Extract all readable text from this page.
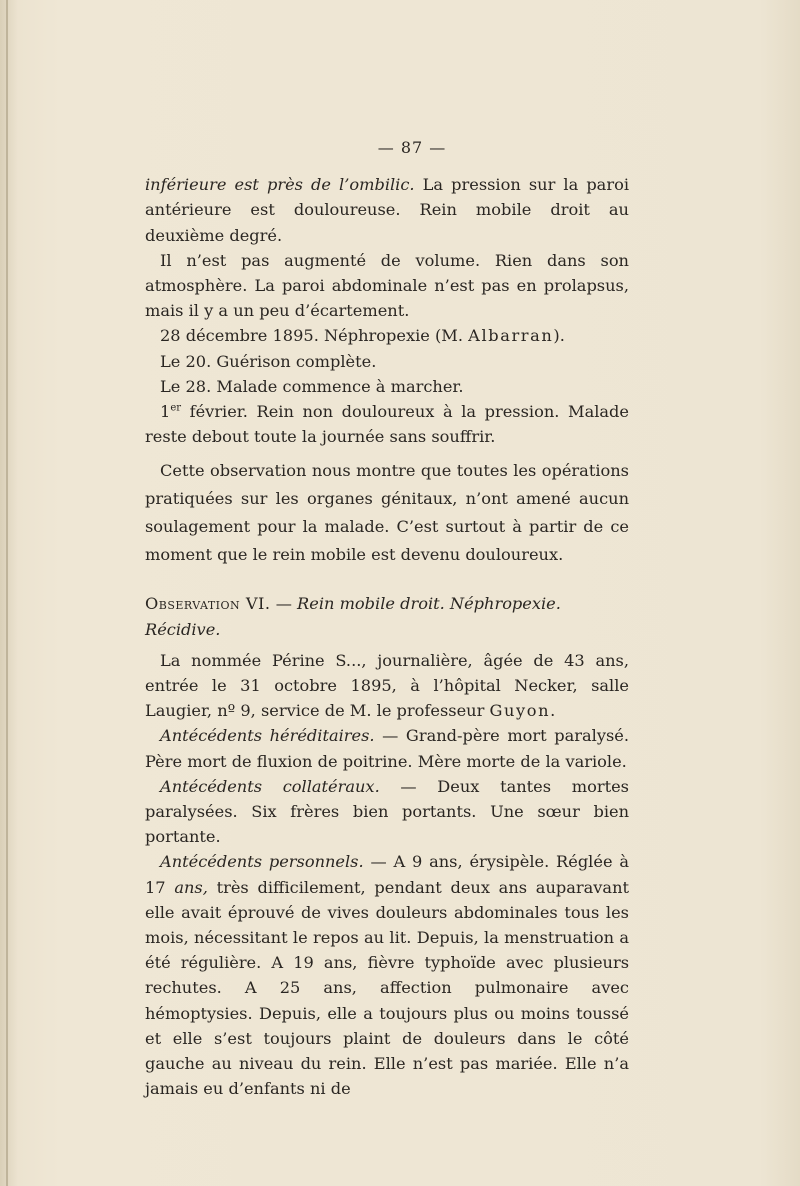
— 87 —

inférieure est près de l’ombilic. La pression sur la paroi antérieure est douloureuse. Rein mobile droit au deuxième degré.

Il n’est pas augmenté de volume. Rien dans son atmosphère. La paroi abdominale n’est pas en prolapsus, mais il y a un peu d’écartement.

28 décembre 1895. Néphropexie (M. Albarran).

Le 20. Guérison complète.

Le 28. Malade commence à marcher.

1er février. Rein non douloureux à la pression. Malade reste debout toute la journée sans souffrir.

Cette observation nous montre que toutes les opérations pratiquées sur les organes génitaux, n’ont amené aucun soulagement pour la malade. C’est surtout à partir de ce moment que le rein mobile est devenu douloureux.

Observation VI. — Rein mobile droit. Néphropexie. Récidive.

La nommée Périne S..., journalière, âgée de 43 ans, entrée le 31 octobre 1895, à l’hôpital Necker, salle Laugier, nº 9, service de M. le professeur Guyon.

Antécédents héréditaires. — Grand-père mort paralysé. Père mort de fluxion de poitrine. Mère morte de la variole.

Antécédents collatéraux. — Deux tantes mortes paralysées. Six frères bien portants. Une sœur bien portante.

Antécédents personnels. — A 9 ans, érysipèle. Réglée à 17 ans, très difficilement, pendant deux ans auparavant elle avait éprouvé de vives douleurs abdominales tous les mois, nécessitant le repos au lit. Depuis, la menstruation a été régulière. A 19 ans, fièvre typhoïde avec plusieurs rechutes. A 25 ans, affection pulmonaire avec hémoptysies. Depuis, elle a toujours plus ou moins toussé et elle s’est toujours plaint de douleurs dans le côté gauche au niveau du rein. Elle n’est pas mariée. Elle n’a jamais eu d’enfants ni de
